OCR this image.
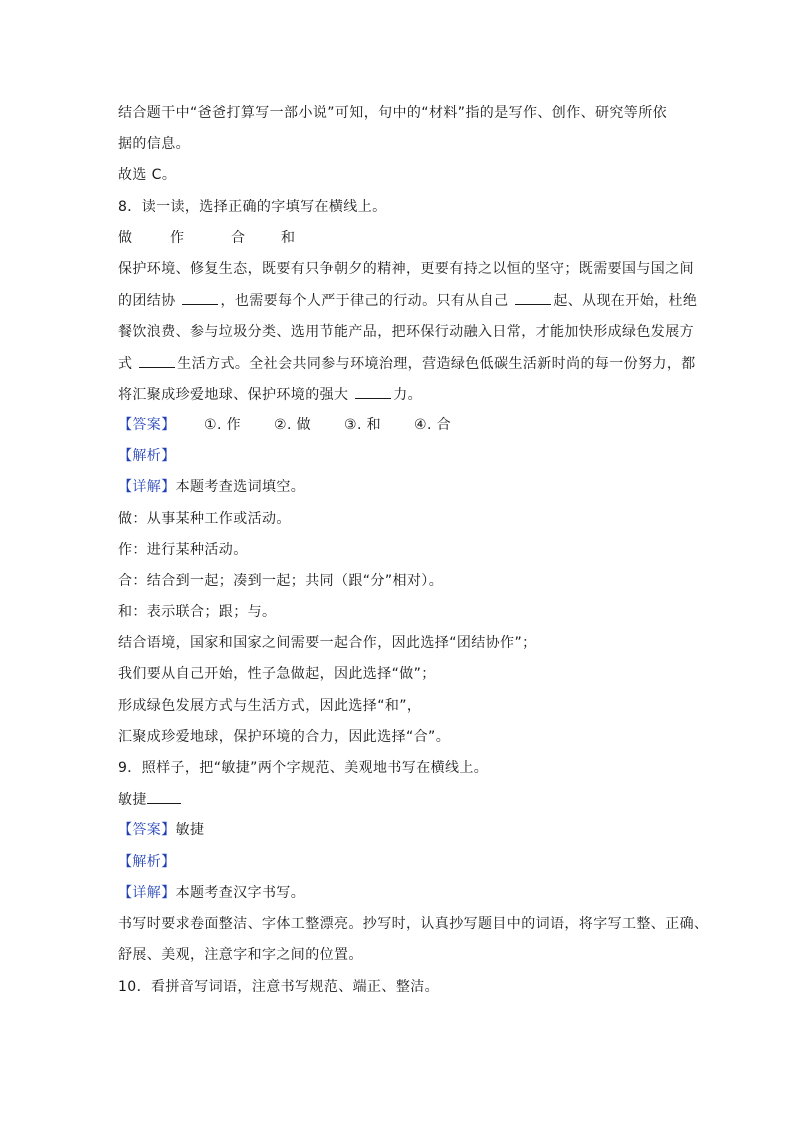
结合题干中“爸爸打算写一部小说”可知，句中的“材料”指的是写作、创作、研究等所依
据的信息。
故选 C。
8．读一读，选择正确的字填写在横线上。
做	作	合	和
保护环境、修复生态，既要有只争朝夕的精神，更要有持之以恒的坚守；既需要国与国之间
的团结协	，也需要每个人严于律己的行动。只有从自己	起、从现在开始，杜绝
餐饮浪费、参与垃圾分类、选用节能产品，把环保行动融入日常，才能加快形成绿色发展方
式	生活方式。全社会共同参与环境治理，营造绿色低碳生活新时尚的每一份努力，都
将汇聚成珍爱地球、保护环境的强大	力。
【答案】 ①. 作 ②. 做 ③. 和 ④. 合
【解析】
【详解】本题考查选词填空。
做：从事某种工作或活动。
作：进行某种活动。
合：结合到一起；凑到一起；共同（跟“分”相对）。
和：表示联合；跟；与。
结合语境，国家和国家之间需要一起合作，因此选择“团结协作”；
我们要从自己开始，性子急做起，因此选择“做”；
形成绿色发展方式与生活方式，因此选择“和”，
汇聚成珍爱地球，保护环境的合力，因此选择“合”。
9．照样子，把“敏捷”两个字规范、美观地书写在横线上。
敏捷
【答案】敏捷
【解析】
【详解】本题考查汉字书写。
书写时要求卷面整洁、字体工整漂亮。抄写时，认真抄写题目中的词语，将字写工整、正确、
舒展、美观，注意字和字之间的位置。
10．看拼音写词语，注意书写规范、端正、整洁。
